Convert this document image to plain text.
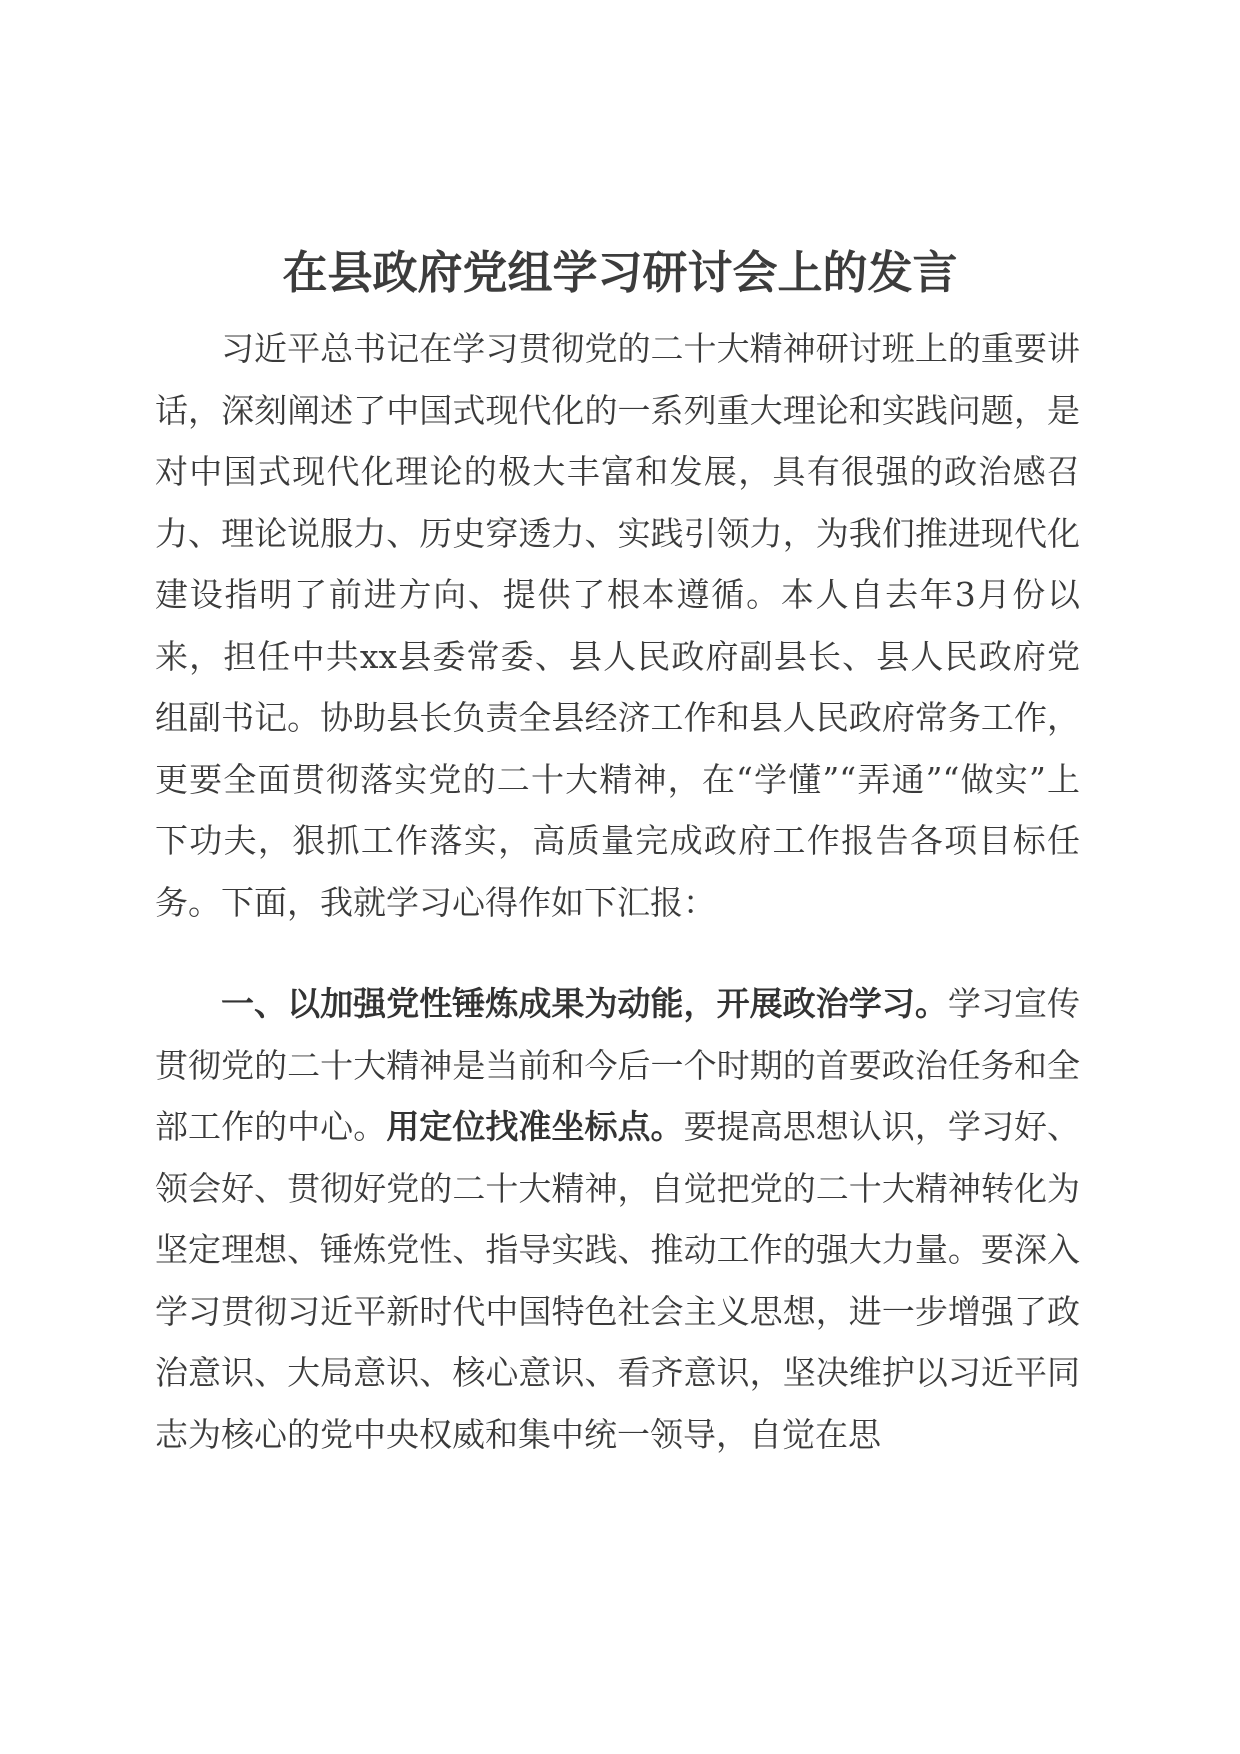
在县政府党组学习研讨会上的发言

习近平总书记在学习贯彻党的二十大精神研讨班上的重要讲话，深刻阐述了中国式现代化的一系列重大理论和实践问题，是对中国式现代化理论的极大丰富和发展，具有很强的政治感召力、理论说服力、历史穿透力、实践引领力，为我们推进现代化建设指明了前进方向、提供了根本遵循。本人自去年3月份以来，担任中共xx县委常委、县人民政府副县长、县人民政府党组副书记。协助县长负责全县经济工作和县人民政府常务工作，更要全面贯彻落实党的二十大精神，在“学懂”“弄通”“做实”上下功夫，狠抓工作落实，高质量完成政府工作报告各项目标任务。下面，我就学习心得作如下汇报：

一、以加强党性锤炼成果为动能，开展政治学习。学习宣传贯彻党的二十大精神是当前和今后一个时期的首要政治任务和全部工作的中心。用定位找准坐标点。要提高思想认识，学习好、领会好、贯彻好党的二十大精神，自觉把党的二十大精神转化为坚定理想、锤炼党性、指导实践、推动工作的强大力量。要深入学习贯彻习近平新时代中国特色社会主义思想，进一步增强了政治意识、大局意识、核心意识、看齐意识，坚决维护以习近平同志为核心的党中央权威和集中统一领导，自觉在思
